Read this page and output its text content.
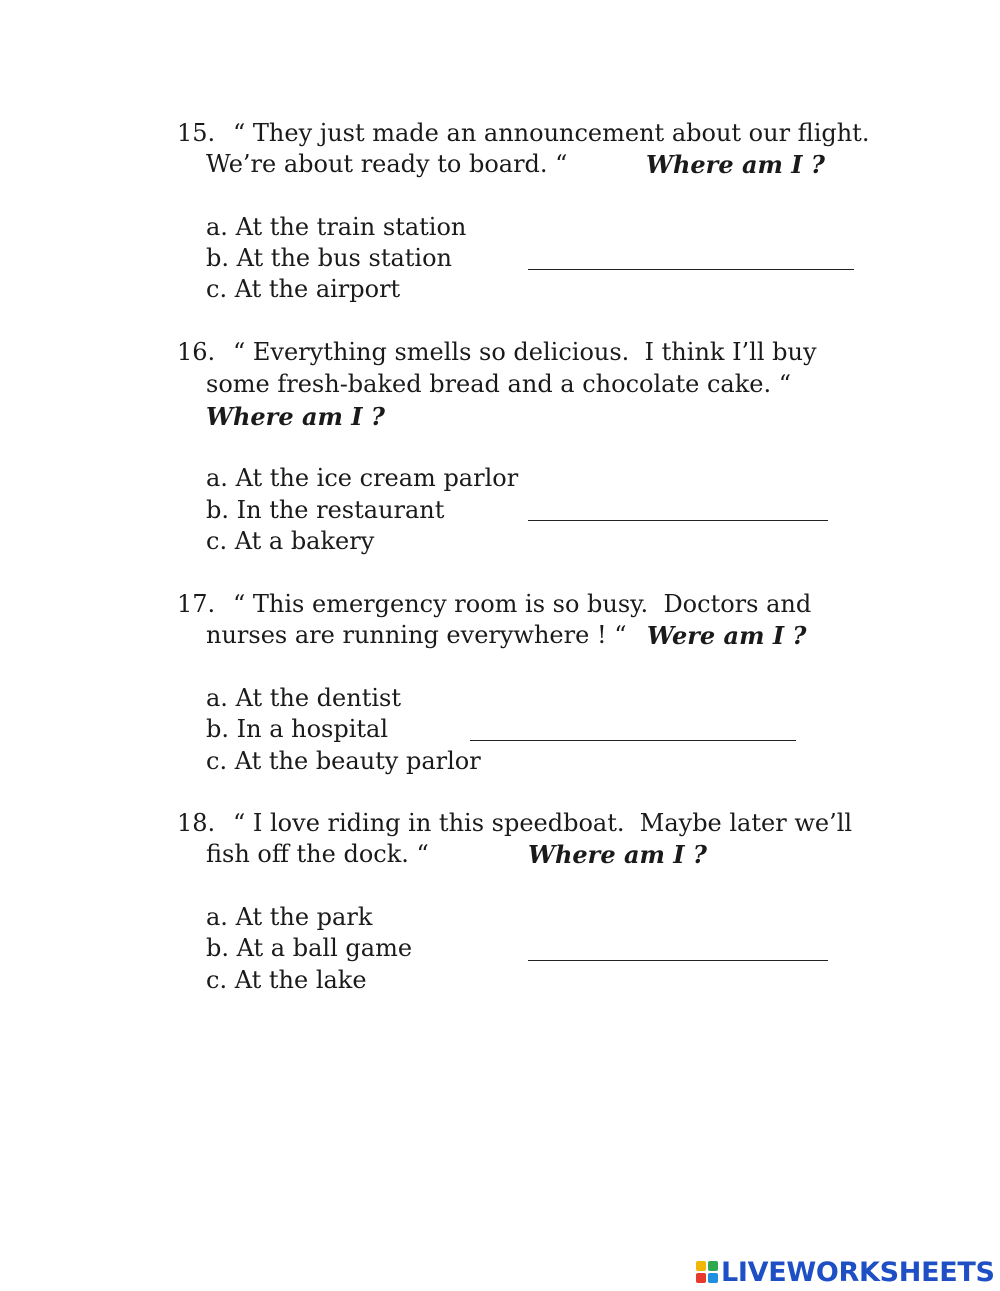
15. “ They just made an announcement about our flight.
We’re about ready to board. “	Where am I ?
a. At the train station
b. At the bus station
c. At the airport
16. “ Everything smells so delicious.  I think I’ll buy
some fresh-baked bread and a chocolate cake. “
Where am I ?
a. At the ice cream parlor
b. In the restaurant
c. At a bakery
17. “ This emergency room is so busy.  Doctors and
nurses are running everywhere ! “ Were am I ?
a. At the dentist
b. In a hospital
c. At the beauty parlor
18. “ I love riding in this speedboat.  Maybe later we’ll
fish off the dock. “	Where am I ?
a. At the park
b. At a ball game
c. At the lake
LIVEWORKSHEETS
